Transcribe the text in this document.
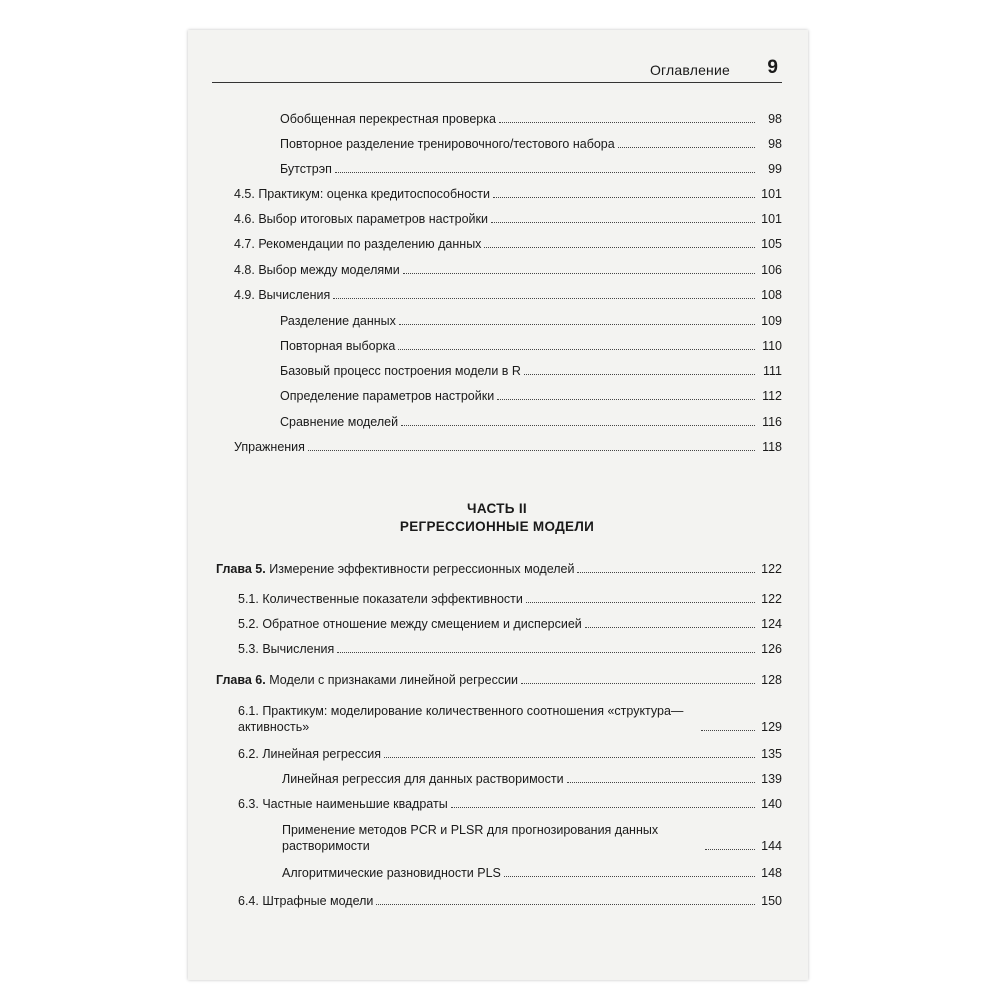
Оглавление 9
Обобщенная перекрестная проверка	98
Повторное разделение тренировочного/тестового набора	98
Бутстрэп	99
4.5. Практикум: оценка кредитоспособности	101
4.6. Выбор итоговых параметров настройки	101
4.7. Рекомендации по разделению данных	105
4.8. Выбор между моделями	106
4.9. Вычисления	108
Разделение данных	109
Повторная выборка	110
Базовый процесс построения модели в R	111
Определение параметров настройки	112
Сравнение моделей	116
Упражнения	118
ЧАСТЬ II
РЕГРЕССИОННЫЕ МОДЕЛИ
Глава 5. Измерение эффективности регрессионных моделей	122
5.1. Количественные показатели эффективности	122
5.2. Обратное отношение между смещением и дисперсией	124
5.3. Вычисления	126
Глава 6. Модели с признаками линейной регрессии	128
6.1. Практикум: моделирование количественного соотношения «структура—активность»	129
6.2. Линейная регрессия	135
Линейная регрессия для данных растворимости	139
6.3. Частные наименьшие квадраты	140
Применение методов PCR и PLSR для прогнозирования данных растворимости	144
Алгоритмические разновидности PLS	148
6.4. Штрафные модели	150
